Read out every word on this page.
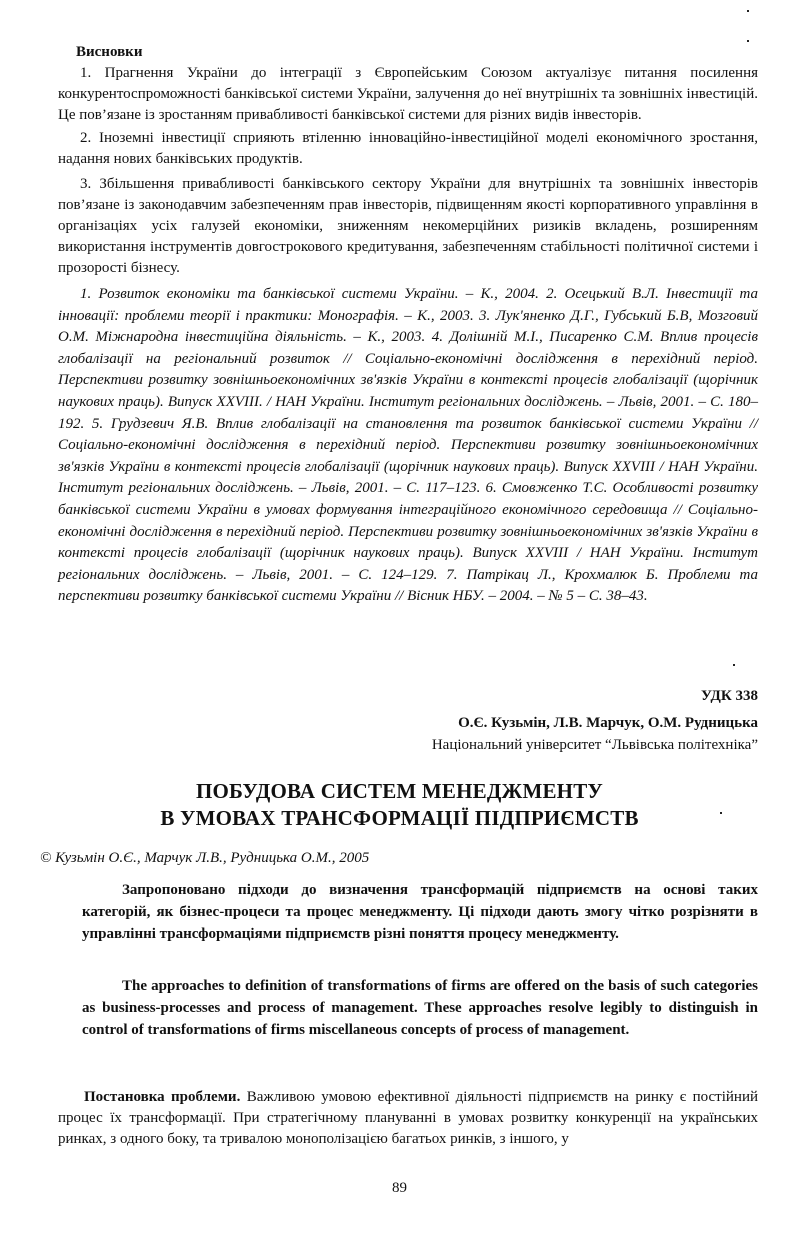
Висновки

1. Прагнення України до інтеграції з Європейським Союзом актуалізує питання посилення конкурентоспроможності банківської системи України, залучення до неї внутрішніх та зовнішніх інвестицій. Це пов’язане із зростанням привабливості банківської системи для різних видів інвесторів.

2. Іноземні інвестиції сприяють втіленню інноваційно-інвестиційної моделі економічного зростання, надання нових банківських продуктів.

3. Збільшення привабливості банківського сектору України для внутрішніх та зовнішніх інвесторів пов’язане із законодавчим забезпеченням прав інвесторів, підвищенням якості корпоративного управління в організаціях усіх галузей економіки, зниженням некомерційних ризиків вкладень, розширенням використання інструментів довгострокового кредитування, забезпеченням стабільності політичної системи і прозорості бізнесу.

1. Розвиток економіки та банківської системи України. – К., 2004. 2. Осецький В.Л. Інвестиції та інновації: проблеми теорії і практики: Монографія. – К., 2003. 3. Лук'яненко Д.Г., Губський Б.В, Мозговий О.М. Міжнародна інвестиційна діяльність. – К., 2003. 4. Долішній М.І., Писаренко С.М. Вплив процесів глобалізації на регіональний розвиток // Соціально-економічні дослідження в перехідний період. Перспективи розвитку зовнішньоекономічних зв'язків України в контексті процесів глобалізації (щорічник наукових праць). Випуск XXVIII. / НАН України. Інститут регіональних досліджень. – Львів, 2001. – С. 180–192. 5. Грудзевич Я.В. Вплив глобалізації на становлення та розвиток банківської системи України // Соціально-економічні дослідження в перехідний період. Перспективи розвитку зовнішньоекономічних зв'язків України в контексті процесів глобалізації (щорічник наукових праць). Випуск XXVIII / НАН України. Інститут регіональних досліджень. – Львів, 2001. – С. 117–123. 6. Смовженко Т.С. Особливості розвитку банківської системи України в умовах формування інтеграційного економічного середовища // Соціально-економічні дослідження в перехідний період. Перспективи розвитку зовнішньоекономічних зв'язків України в контексті процесів глобалізації (щорічник наукових праць). Випуск XXVIII / НАН України. Інститут регіональних досліджень. – Львів, 2001. – С. 124–129. 7. Патрікац Л., Крохмалюк Б. Проблеми та перспективи розвитку банківської системи України // Вісник НБУ. – 2004. – № 5 – С. 38–43.

УДК 338

О.Є. Кузьмін, Л.В. Марчук, О.М. Рудницька

Національний університет “Львівська політехніка”

ПОБУДОВА СИСТЕМ МЕНЕДЖМЕНТУ
В УМОВАХ ТРАНСФОРМАЦІЇ ПІДПРИЄМСТВ

© Кузьмін О.Є., Марчук Л.В., Рудницька О.М., 2005

Запропоновано підходи до визначення трансформацій підприємств на основі таких категорій, як бізнес-процеси та процес менеджменту. Ці підходи дають змогу чітко розрізняти в управлінні трансформаціями підприємств різні поняття процесу менеджменту.

The approaches to definition of transformations of firms are offered on the basis of such categories as business-processes and process of management. These approaches resolve legibly to distinguish in control of transformations of firms miscellaneous concepts of process of management.

Постановка проблеми. Важливою умовою ефективної діяльності підприємств на ринку є постійний процес їх трансформації. При стратегічному плануванні в умовах розвитку конкуренції на українських ринках, з одного боку, та тривалою монополізацією багатьох ринків, з іншого, у

89
